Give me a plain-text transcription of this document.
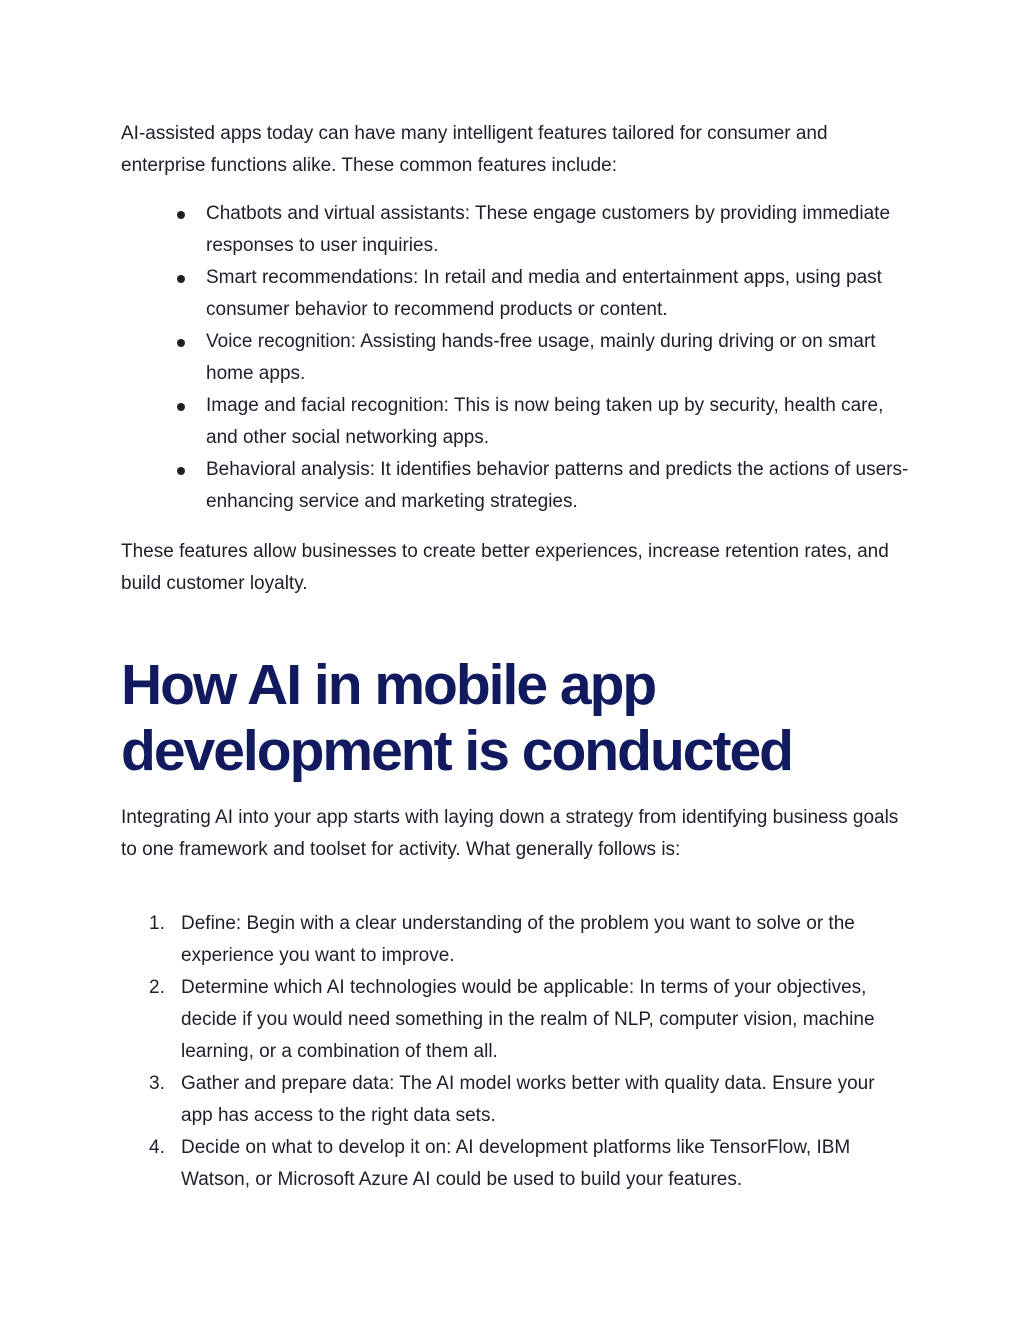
AI-assisted apps today can have many intelligent features tailored for consumer and enterprise functions alike. These common features include:

Chatbots and virtual assistants: These engage customers by providing immediate responses to user inquiries.
Smart recommendations: In retail and media and entertainment apps, using past consumer behavior to recommend products or content.
Voice recognition: Assisting hands-free usage, mainly during driving or on smart home apps.
Image and facial recognition: This is now being taken up by security, health care, and other social networking apps.
Behavioral analysis: It identifies behavior patterns and predicts the actions of users-enhancing service and marketing strategies.

These features allow businesses to create better experiences, increase retention rates, and build customer loyalty.

How AI in mobile app development is conducted

Integrating AI into your app starts with laying down a strategy from identifying business goals to one framework and toolset for activity. What generally follows is:

1. Define: Begin with a clear understanding of the problem you want to solve or the experience you want to improve.
2. Determine which AI technologies would be applicable: In terms of your objectives, decide if you would need something in the realm of NLP, computer vision, machine learning, or a combination of them all.
3. Gather and prepare data: The AI model works better with quality data. Ensure your app has access to the right data sets.
4. Decide on what to develop it on: AI development platforms like TensorFlow, IBM Watson, or Microsoft Azure AI could be used to build your features.
